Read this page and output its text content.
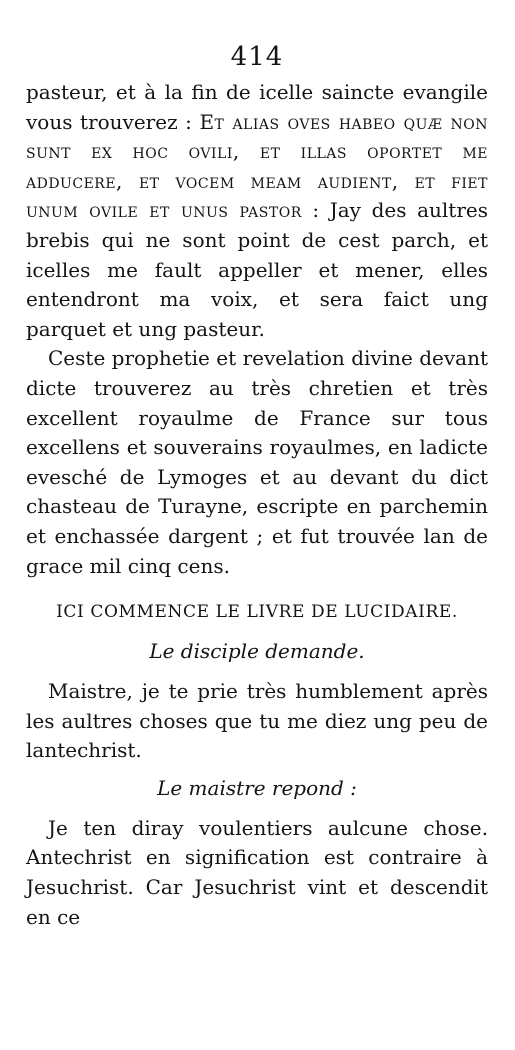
414

pasteur, et à la fin de icelle saincte evangile vous trouverez : Et alias oves habeo quæ non sunt ex hoc ovili, et illas oportet me adducere, et vocem meam audient, et fiet unum ovile et unus pastor : Jay des aultres brebis qui ne sont point de cest parch, et icelles me fault appeller et mener, elles entendront ma voix, et sera faict ung parquet et ung pasteur.

Ceste prophetie et revelation divine devant dicte trouverez au très chretien et très excellent royaulme de France sur tous excellens et souverains royaulmes, en ladicte evesché de Lymoges et au devant du dict chasteau de Turayne, escripte en parchemin et enchassée dargent ; et fut trouvée lan de grace mil cinq cens.

ICI COMMENCE LE LIVRE DE LUCIDAIRE.
Le disciple demande.

Maistre, je te prie très humblement après les aultres choses que tu me diez ung peu de lantechrist.

Le maistre repond :

Je ten diray voulentiers aulcune chose. Antechrist en signification est contraire à Jesuchrist. Car Jesuchrist vint et descendit en ce
